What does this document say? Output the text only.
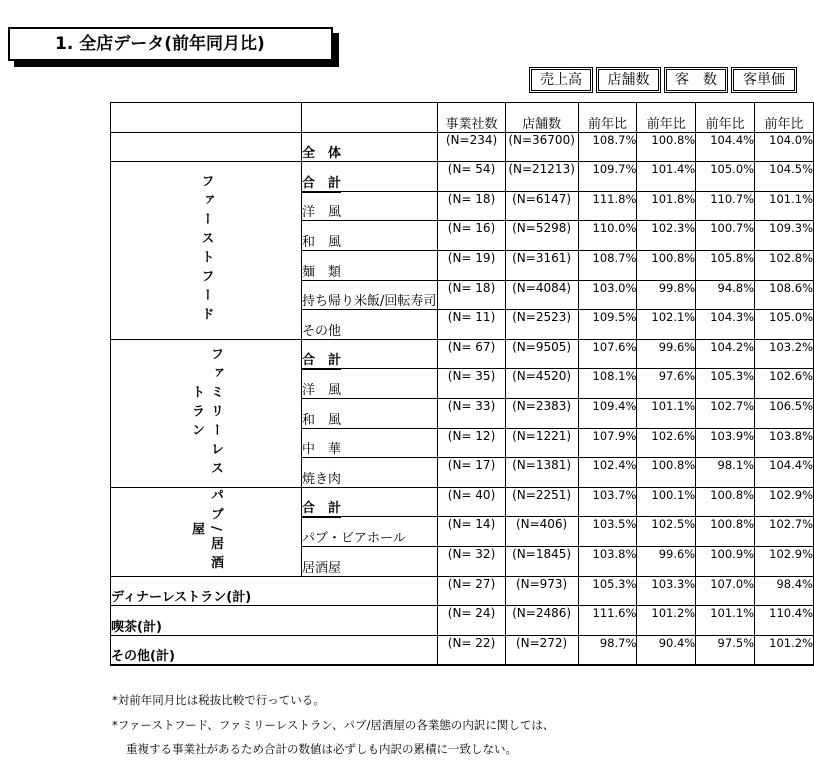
1. 全店データ(前年同月比)
売上高	店舗数	客　数	客単価
		事業社数	店舗数	前年比	前年比	前年比	前年比
	全　体	(N=234)	(N=36700)	108.7%	100.8%	104.4%	104.0%
ファーストフード	合　計	(N= 54)	(N=21213)	109.7%	101.4%	105.0%	104.5%
	洋　風	(N= 18)	(N=6147)	111.8%	101.8%	110.7%	101.1%
	和　風	(N= 16)	(N=5298)	110.0%	102.3%	100.7%	109.3%
	麺　類	(N= 19)	(N=3161)	108.7%	100.8%	105.8%	102.8%
	持ち帰り米飯/回転寿司	(N= 18)	(N=4084)	103.0%	99.8%	94.8%	108.6%
	その他	(N= 11)	(N=2523)	109.5%	102.1%	104.3%	105.0%
ファミリーレストラン	合　計	(N= 67)	(N=9505)	107.6%	99.6%	104.2%	103.2%
	洋　風	(N= 35)	(N=4520)	108.1%	97.6%	105.3%	102.6%
	和　風	(N= 33)	(N=2383)	109.4%	101.1%	102.7%	106.5%
	中　華	(N= 12)	(N=1221)	107.9%	102.6%	103.9%	103.8%
	焼き肉	(N= 17)	(N=1381)	102.4%	100.8%	98.1%	104.4%
パブ/居酒屋	合　計	(N= 40)	(N=2251)	103.7%	100.1%	100.8%	102.9%
	パブ・ビアホール	(N= 14)	(N=406)	103.5%	102.5%	100.8%	102.7%
	居酒屋	(N= 32)	(N=1845)	103.8%	99.6%	100.9%	102.9%
ディナーレストラン(計)		(N= 27)	(N=973)	105.3%	103.3%	107.0%	98.4%
喫茶(計)		(N= 24)	(N=2486)	111.6%	101.2%	101.1%	110.4%
その他(計)		(N= 22)	(N=272)	98.7%	90.4%	97.5%	101.2%
*対前年同月比は税抜比較で行っている。
*ファーストフード、ファミリーレストラン、パブ/居酒屋の各業態の内訳に関しては、
重複する事業社があるため合計の数値は必ずしも内訳の累積に一致しない。
